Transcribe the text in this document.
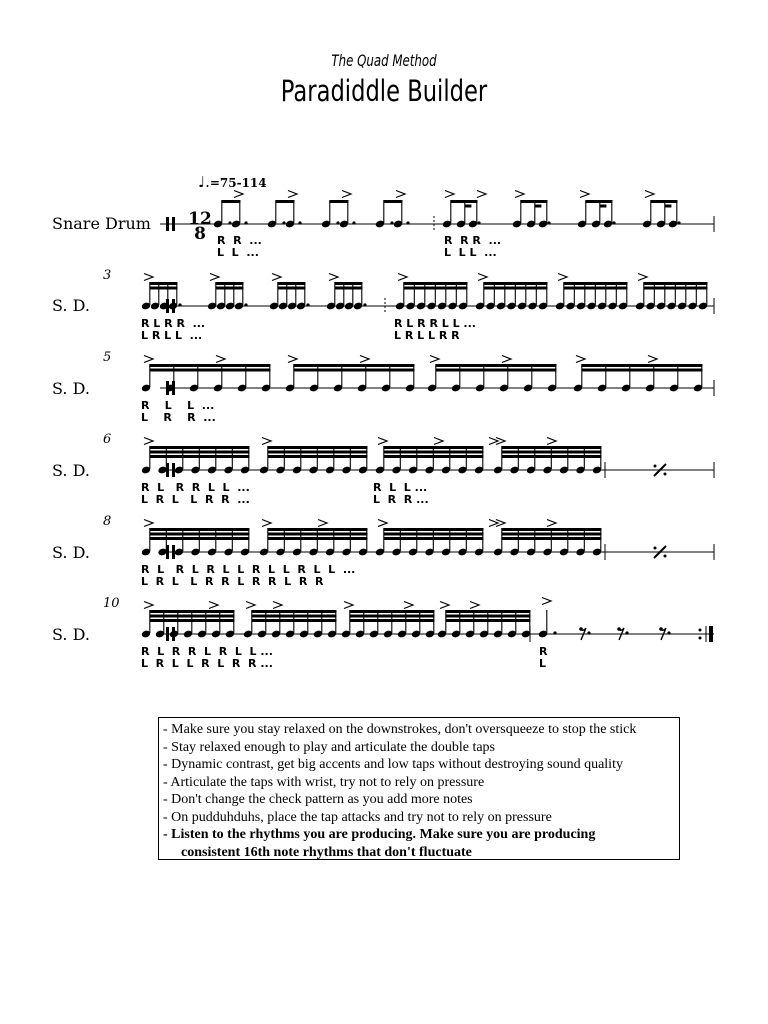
The Quad Method
Paradiddle Builder
♩.=75-114
Snare Drum
S. D.
S. D.
S. D.
S. D.
S. D.
3
5
6
8
10
12
8 R  R  ...
L  L  ...
R  R R  ...
L  L L  ...
R L R R  ...
L R L L  ...
R L R R L L ...
L R L L R R
R    L    L  ...
L    R    R  ...
R  L   R  R  L  L  ...
L  R  L   L  R  R  ...
R  L  L ...
L  R  R ...
R  L   R  L  R  L  L  R  L  L  R  L  L  ...
L  R  L   L  R  R  L  R  R  L  R  R
R  L  R  R  L  R  L  L ...
L  R  L  L  R  L  R  R ...
R
L
- Make sure you stay relaxed on the downstrokes, don't oversqueeze to stop the stick
- Stay relaxed enough to play and articulate the double taps
- Dynamic contrast, get big accents and low taps without destroying sound quality
- Articulate the taps with wrist, try not to rely on pressure
- Don't change the check pattern as you add more notes
- On pudduhduhs, place the tap attacks and try not to rely on pressure
- Listen to the rhythms you are producing. Make sure you are producing
consistent 16th note rhythms that don't fluctuate
